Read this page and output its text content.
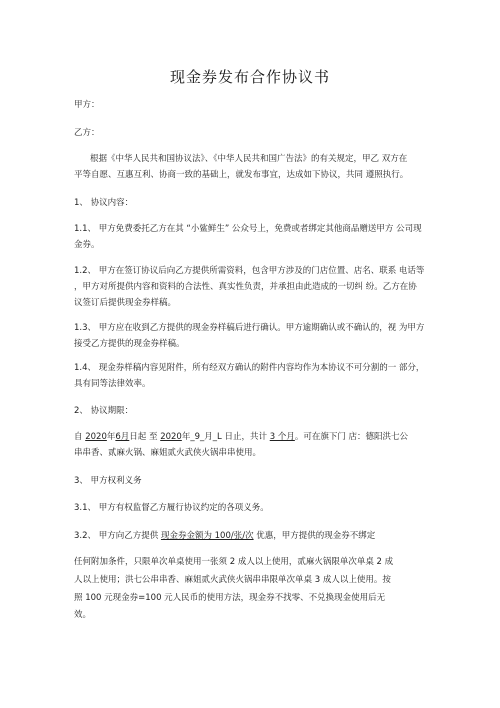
现金券发布合作协议书
甲方：
乙方：
根据《中华人民共和国协议法》、《中华人民共和国广告法》的有关规定，甲乙 双方在
平等自愿、互惠互利、协商一致的基础上，就发布事宜，达成如下协议，共同 遵照执行。
1、 协议内容：
1.1、 甲方免费委托乙方在其 “小鲨鲜生” 公众号上，免费或者绑定其他商品赠送甲方 公司现
金券。
1.2、 甲方在签订协议后向乙方提供所需资料，包含甲方涉及的门店位置、店名、联系 电话等
，甲方对所提供内容和资料的合法性、真实性负责，并承担由此造成的一切纠 纷。乙方在协
议签订后提供现金券样稿。
1.3、 甲方应在收到乙方提供的现金券样稿后进行确认。甲方逾期确认或不确认的，视 为甲方
接受乙方提供的现金券样稿。
1.4、 现金券样稿内容见附件，所有经双方确认的附件内容均作为本协议不可分割的一 部分，
具有同等法律效率。
2、 协议期限：
自 2020年6月日起 至 2020年_9_月_L 日止，共计 3 个月。可在旗下门 店：德阳洪七公
串串香、贰麻火锅、麻姐贰火武侠火锅串串使用。
3、 甲方权利义务
3.1、 甲方有权监督乙方履行协议约定的各项义务。
3.2、 甲方向乙方提供 现金券金额为 100/张/次 优惠，甲方提供的现金券不绑定
任何附加条件，只限单次单桌使用一张须 2 成人以上使用，贰麻火锅限单次单桌 2 成
人以上使用；洪七公串串香、麻姐贰火武侠火锅串串限单次单桌 3 成人以上使用。按
照 100 元现金券=100 元人民币的使用方法，现金券不找零、不兑换现金使用后无
效。
